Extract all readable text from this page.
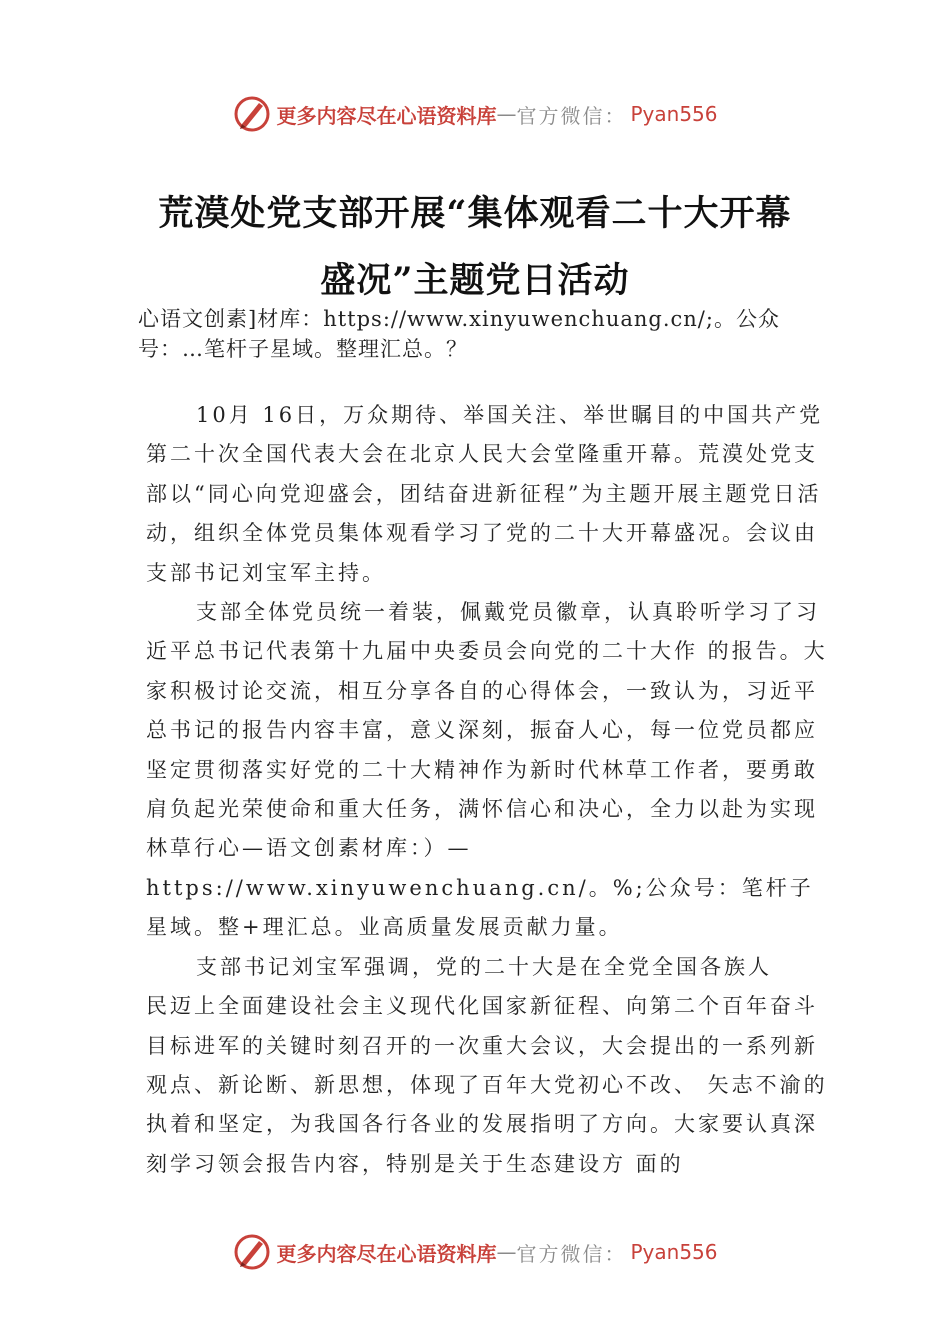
更多内容尽在心语资料库 — 官方微信： Pyan556
荒漠处党支部开展“集体观看二十大开幕
盛况”主题党日活动
心语文创素]材库：https://www.xinyuwenchuang.cn/;。公众号：…笔杆子星域。整理汇总。？

10月 16日，万众期待、举国关注、举世瞩目的中国共产党第二十次全国代表大会在北京人民大会堂隆重开幕。荒漠处党支部以“同心向党迎盛会，团结奋进新征程”为主题开展主题党日活动，组织全体党员集体观看学习了党的二十大开幕盛况。会议由支部书记刘宝军主持。

支部全体党员统一着装，佩戴党员徽章，认真聆听学习了习近平总书记代表第十九届中央委员会向党的二十大作 的报告。大家积极讨论交流，相互分享各自的心得体会，一致认为，习近平总书记的报告内容丰富，意义深刻，振奋人心，每一位党员都应坚定贯彻落实好党的二十大精神作为新时代林草工作者，要勇敢肩负起光荣使命和重大任务，满怀信心和决心，全力以赴为实现林草行心—语文创素材库：）—https://www.xinyuwenchuang.cn/。%;公众号：笔杆子星域。整+理汇总。业高质量发展贡献力量。

支部书记刘宝军强调，党的二十大是在全党全国各族人

民迈上全面建设社会主义现代化国家新征程、向第二个百年奋斗目标进军的关键时刻召开的一次重大会议，大会提出的一系列新观点、新论断、新思想，体现了百年大党初心不改、 矢志不渝的执着和坚定，为我国各行各业的发展指明了方向。大家要认真深刻学习领会报告内容，特别是关于生态建设方 面的

更多内容尽在心语资料库 — 官方微信： Pyan556
